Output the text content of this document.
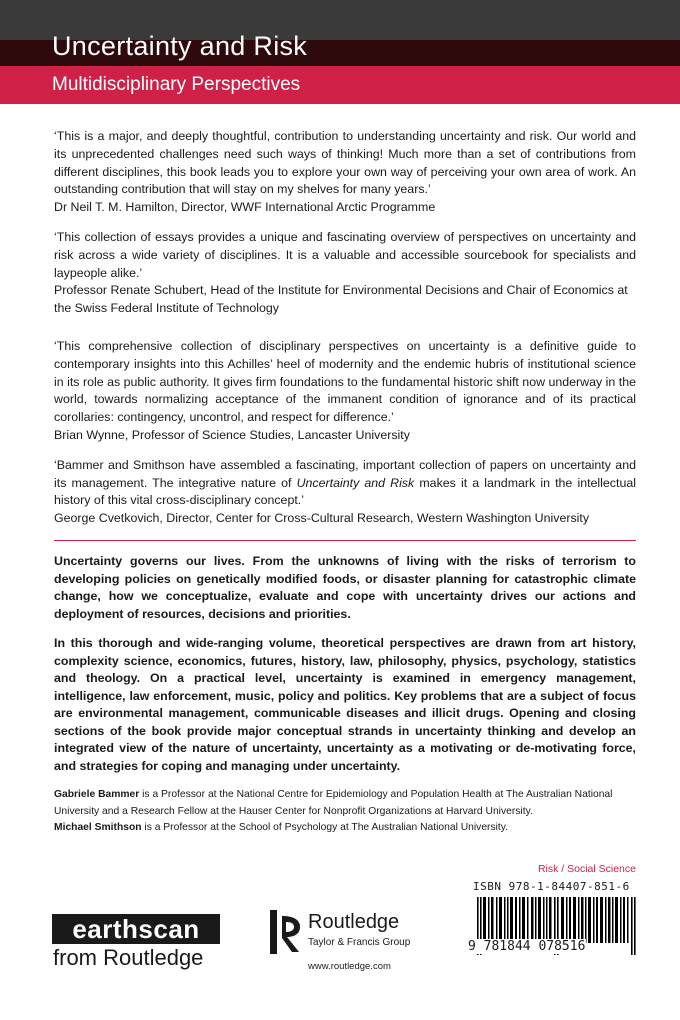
Uncertainty and Risk
Multidisciplinary Perspectives

‘This is a major, and deeply thoughtful, contribution to understanding uncertainty and risk. Our world and its unprecedented challenges need such ways of thinking! Much more than a set of contributions from different disciplines, this book leads you to explore your own way of perceiving your own area of work. An outstanding contribution that will stay on my shelves for many years.’

Dr Neil T. M. Hamilton, Director, WWF International Arctic Programme

‘This collection of essays provides a unique and fascinating overview of perspectives on uncertainty and risk across a wide variety of disciplines. It is a valuable and accessible sourcebook for specialists and laypeople alike.’

Professor Renate Schubert, Head of the Institute for Environmental Decisions and Chair of Economics at the Swiss Federal Institute of Technology

‘This comprehensive collection of disciplinary perspectives on uncertainty is a definitive guide to contemporary insights into this Achilles’ heel of modernity and the endemic hubris of institutional science in its role as public authority. It gives firm foundations to the fundamental historic shift now underway in the world, towards normalizing acceptance of the immanent condition of ignorance and of its practical corollaries: contingency, uncontrol, and respect for difference.’

Brian Wynne, Professor of Science Studies, Lancaster University

‘Bammer and Smithson have assembled a fascinating, important collection of papers on uncertainty and its management. The integrative nature of Uncertainty and Risk makes it a landmark in the intellectual history of this vital cross-disciplinary concept.’

George Cvetkovich, Director, Center for Cross-Cultural Research, Western Washington University

Uncertainty governs our lives. From the unknowns of living with the risks of terrorism to developing policies on genetically modified foods, or disaster planning for catastrophic climate change, how we conceptualize, evaluate and cope with uncertainty drives our actions and deployment of resources, decisions and priorities.

In this thorough and wide-ranging volume, theoretical perspectives are drawn from art history, complexity science, economics, futures, history, law, philosophy, physics, psychology, statistics and theology. On a practical level, uncertainty is examined in emergency management, intelligence, law enforcement, music, policy and politics. Key problems that are a subject of focus are environmental management, communicable diseases and illicit drugs. Opening and closing sections of the book provide major conceptual strands in uncertainty thinking and develop an integrated view of the nature of uncertainty, uncertainty as a motivating or de-motivating force, and strategies for coping and managing under uncertainty.

Gabriele Bammer is a Professor at the National Centre for Epidemiology and Population Health at The Australian National University and a Research Fellow at the Hauser Center for Nonprofit Organizations at Harvard University.
Michael Smithson is a Professor at the School of Psychology at The Australian National University.

Risk / Social Science
ISBN 978-1-84407-851-6
9 781844 078516
earthscan
from Routledge
Routledge
Taylor & Francis Group
www.routledge.com
